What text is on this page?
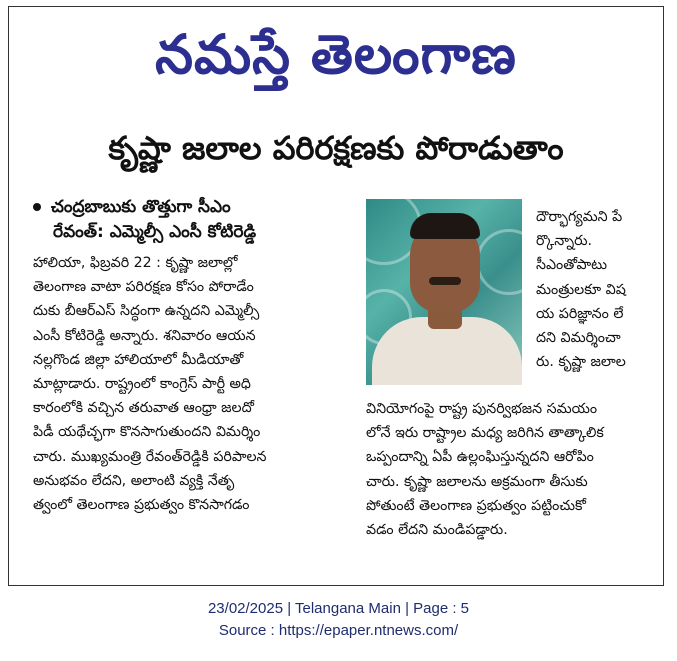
నమస్తే తెలంగాణ
కృష్ణా జలాల పరిరక్షణకు పోరాడుతాం
చంద్రబాబుకు తొత్తుగా సీఎం
రేవంత్: ఎమ్మెల్సీ ఎంసీ కోటిరెడ్డి
హాలియా, ఫిబ్రవరి 22 : కృష్ణా జలాల్లో
తెలంగాణ వాటా పరిరక్షణ కోసం పోరాడేం
దుకు బీఆర్ఎస్ సిద్ధంగా ఉన్నదని ఎమ్మెల్సీ
ఎంసీ కోటిరెడ్డి అన్నారు. శనివారం ఆయన
నల్లగొండ జిల్లా హాలియాలో మీడియాతో
మాట్లాడారు. రాష్ట్రంలో కాంగ్రెస్ పార్టీ అధి
కారంలోకి వచ్చిన తరువాత ఆంధ్రా జలదో
పిడీ యథేచ్ఛగా కొనసాగుతుందని విమర్శిం
చారు. ముఖ్యమంత్రి రేవంత్‌రెడ్డికి పరిపాలన
అనుభవం లేదని, అలాంటి వ్యక్తి నేతృ
త్వంలో తెలంగాణ ప్రభుత్వం కొనసాగడం
దౌర్భాగ్యమని పే
ర్కొన్నారు.
సీఎంతోపాటు
మంత్రులకూ విష
య పరిజ్ఞానం లే
దని విమర్శించా
రు. కృష్ణా జలాల
వినియోగంపై రాష్ట్ర పునర్విభజన సమయం
లోనే ఇరు రాష్ట్రాల మధ్య జరిగిన తాత్కాలిక
ఒప్పందాన్ని ఏపీ ఉల్లంఘిస్తున్నదని ఆరోపిం
చారు. కృష్ణా జలాలను అక్రమంగా తీసుకు
పోతుంటే తెలంగాణ ప్రభుత్వం పట్టించుకో
వడం లేదని మండిపడ్డారు.
23/02/2025 | Telangana Main | Page : 5
Source : https://epaper.ntnews.com/
